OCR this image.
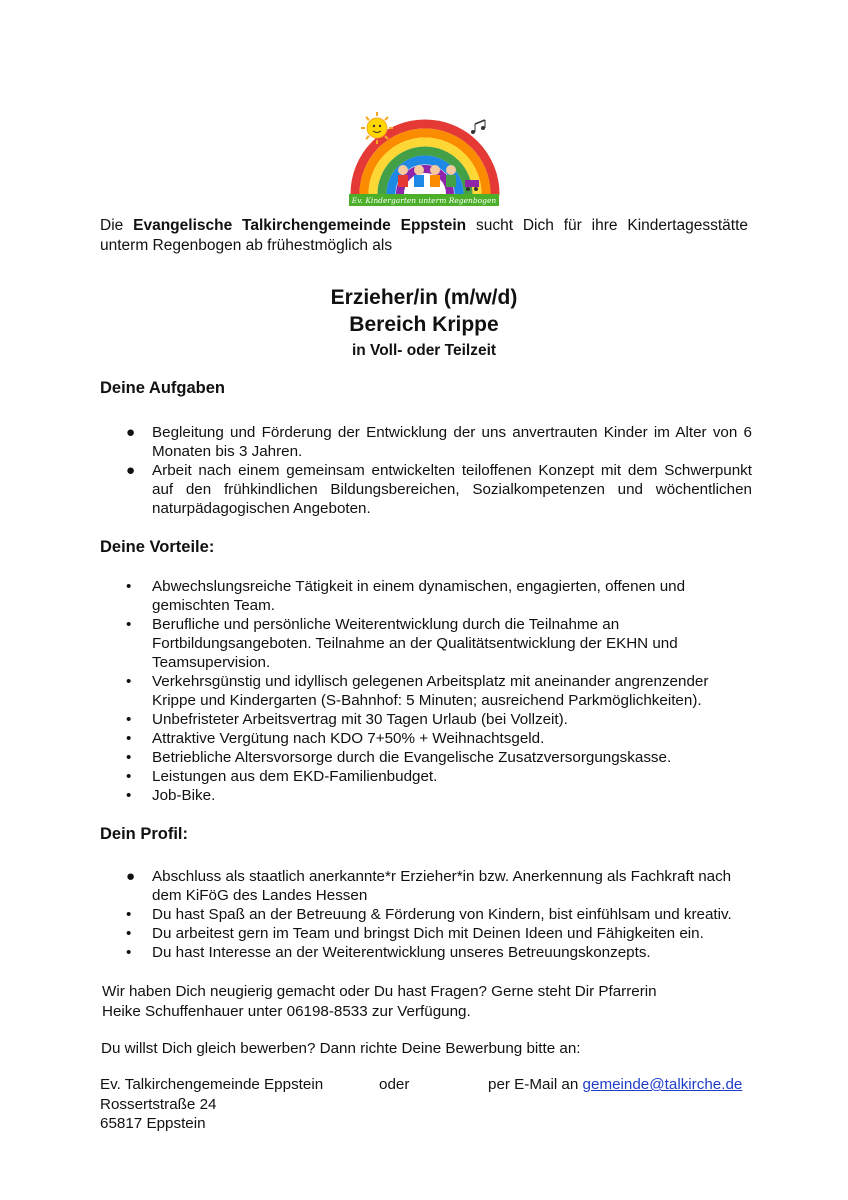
Ev. Kindergarten unterm Regenbogen
Die Evangelische Talkirchengemeinde Eppstein sucht Dich für ihre Kindertagesstätte unterm Regenbogen ab frühestmöglich als
Erzieher/in (m/w/d)
Bereich Krippe
in Voll- oder Teilzeit
Deine Aufgaben
● Begleitung und Förderung der Entwicklung der uns anvertrauten Kinder im Alter von 6 Monaten bis 3 Jahren.
● Arbeit nach einem gemeinsam entwickelten teiloffenen Konzept mit dem Schwerpunkt auf den frühkindlichen Bildungsbereichen, Sozialkompetenzen und wöchentlichen naturpädagogischen Angeboten.
Deine Vorteile:
• Abwechslungsreiche Tätigkeit in einem dynamischen, engagierten, offenen und gemischten Team.
• Berufliche und persönliche Weiterentwicklung durch die Teilnahme an Fortbildungsangeboten. Teilnahme an der Qualitätsentwicklung der EKHN und Teamsupervision.
• Verkehrsgünstig und idyllisch gelegenen Arbeitsplatz mit aneinander angrenzender Krippe und Kindergarten (S-Bahnhof: 5 Minuten; ausreichend Parkmöglichkeiten).
• Unbefristeter Arbeitsvertrag mit 30 Tagen Urlaub (bei Vollzeit).
• Attraktive Vergütung nach KDO 7+50% + Weihnachtsgeld.
• Betriebliche Altersvorsorge durch die Evangelische Zusatzversorgungskasse.
• Leistungen aus dem EKD-Familienbudget.
• Job-Bike.
Dein Profil:
● Abschluss als staatlich anerkannte*r Erzieher*in bzw. Anerkennung als Fachkraft nach dem KiFöG des Landes Hessen
• Du hast Spaß an der Betreuung & Förderung von Kindern, bist einfühlsam und kreativ.
• Du arbeitest gern im Team und bringst Dich mit Deinen Ideen und Fähigkeiten ein.
• Du hast Interesse an der Weiterentwicklung unseres Betreuungskonzepts.
Wir haben Dich neugierig gemacht oder Du hast Fragen? Gerne steht Dir Pfarrerin
Heike Schuffenhauer unter 06198-8533 zur Verfügung.
Du willst Dich gleich bewerben? Dann richte Deine Bewerbung bitte an:
Ev. Talkirchengemeinde Eppstein
Rossertstraße 24
65817 Eppstein
oder	per E-Mail an gemeinde@talkirche.de
